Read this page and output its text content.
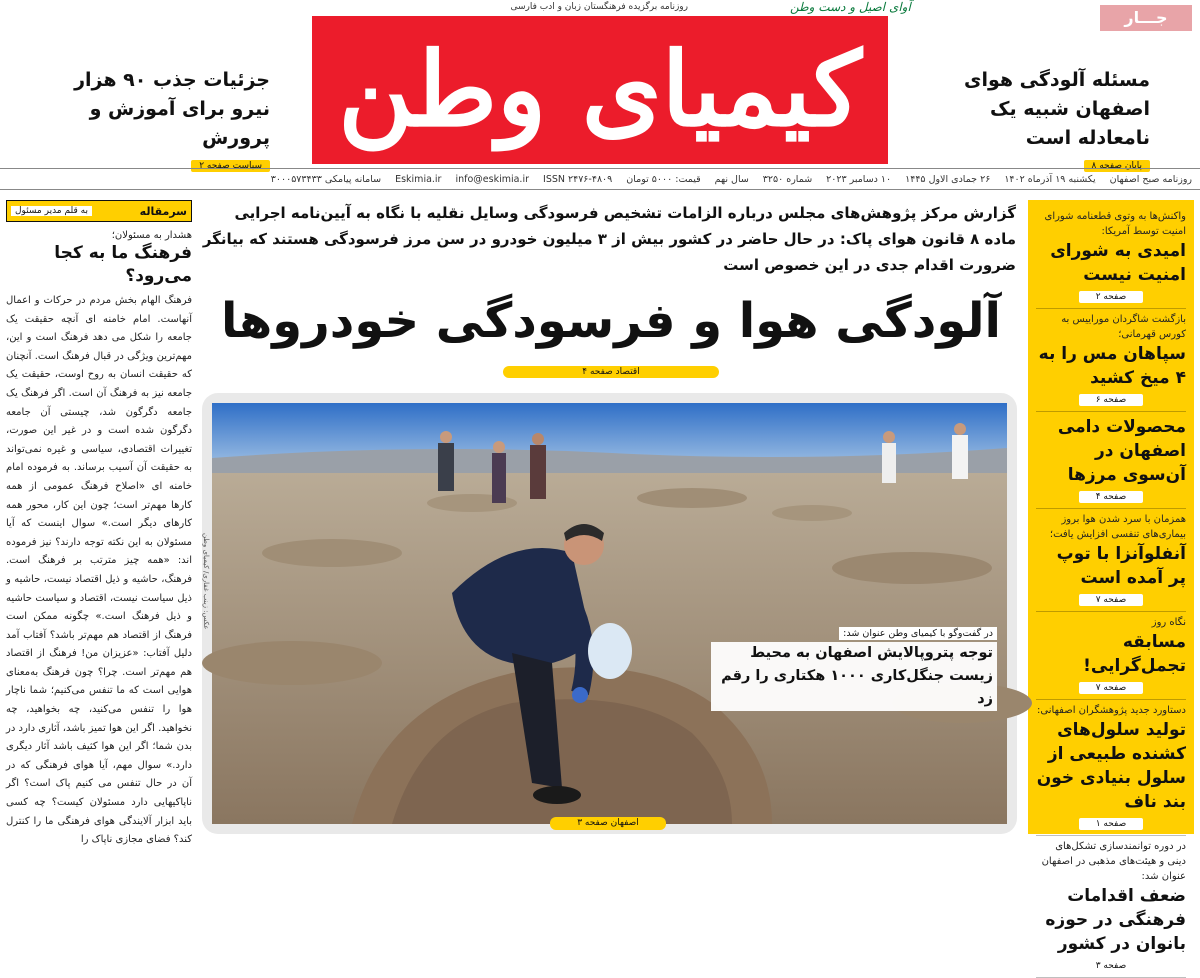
روزنامه برگزیده فرهنگستان زبان و ادب فارسی	آوای اصیل و دست وطن
کیمیای وطن
جـــار
مسئله آلودگی هوای اصفهان شبیه یک نامعادله است
پایان صفحه ۸
جزئیات جذب ۹۰ هزار نیرو برای آموزش و پرورش
سیاست صفحه ۲
روزنامه صبح اصفهان
یکشنبه ۱۹ آذرماه ۱۴۰۲
۲۶ جمادی الاول ۱۴۴۵
۱۰ دسامبر ۲۰۲۳
شماره ۳۲۵۰
سال نهم
قیمت: ۵۰۰۰ تومان
ISSN ۲۴۷۶-۴۸۰۹
info@eskimia.ir
Eskimia.ir
سامانه پیامکی ۳۰۰۰۵۷۳۴۳۳
واکنش‌ها به وتوی قطعنامه شورای امنیت توسط آمریکا:
امیدی به شورای امنیت نیست
صفحه ۲
بازگشت شاگردان موراییس به کورس قهرمانی؛
سپاهان مس را به ۴ میخ کشید
صفحه ۶
محصولات دامی اصفهان در آن‌سوی مرزها
صفحه ۴
همزمان با سرد شدن هوا بروز بیماری‌های تنفسی افزایش یافت؛
آنفلوآنزا با توپ پر آمده است
صفحه ۷
نگاه روز
مسابقه تجمل‌گرایی!
صفحه ۷
دستاورد جدید پژوهشگران اصفهانی:
تولید سلول‌های کشنده طبیعی از سلول بنیادی خون بند ناف
صفحه ۱
در دوره توانمندسازی تشکل‌های دینی و هیئت‌های مذهبی در اصفهان عنوان شد:
ضعف اقدامات فرهنگی در حوزه بانوان در کشور
صفحه ۳
سرمقاله
به قلم مدیر مسئول
هشدار به مسئولان؛
فرهنگ ما به کجا می‌رود؟
فرهنگ الهام بخش مردم در حرکات و اعمال آنهاست. امام خامنه ای آنچه حقیقت یک جامعه را شکل می دهد فرهنگ است و این، مهم‌ترین ویژگی در قبال فرهنگ است. آنچنان که حقیقت انسان به روح اوست، حقیقت یک جامعه نیز به فرهنگ آن است. اگر فرهنگ یک جامعه دگرگون شد، چیستی آن جامعه دگرگون شده است و در غیر این صورت، تغییرات اقتصادی، سیاسی و غیره نمی‌تواند به حقیقت آن آسیب برساند. به فرموده امام خامنه ای «اصلاح فرهنگ عمومی از همه کارها مهم‌تر است؛ چون این کار، محور همه کارهای دیگر است.» سوال اینست که آیا مسئولان به این نکته توجه دارند؟ نیز فرموده اند: «همه چیز مترتب بر فرهنگ است. فرهنگ، حاشیه و ذیل اقتصاد نیست، حاشیه و ذیل سیاست نیست، اقتصاد و سیاست حاشیه و ذیل فرهنگ است.» چگونه ممکن است فرهنگ از اقتصاد هم مهم‌تر باشد؟ آفتاب آمد دلیل آفتاب: «عزیزان من! فرهنگ از اقتصاد هم مهم‌تر است. چرا؟ چون فرهنگ به‌معنای هوایی است که ما تنفس می‌کنیم؛ شما ناچار هوا را تنفس می‌کنید، چه بخواهید، چه نخواهید. اگر این هوا تمیز باشد، آثاری دارد در بدن شما؛ اگر این هوا کثیف باشد آثار دیگری دارد.» سوال مهم، آیا هوای فرهنگی که در آن در حال تنفس می کنیم پاک است؟ اگر ناپاکیهایی دارد مسئولان کیست؟ چه کسی باید ابزار آلایندگی هوای فرهنگی ما را کنترل کند؟ فضای مجازی ناپاک را
گزارش مرکز پژوهش‌های مجلس درباره الزامات تشخیص فرسودگی وسایل نقلیه با نگاه به آیین‌نامه اجرایی ماده ۸ قانون هوای پاک: در حال حاضر در کشور بیش از ۳ میلیون خودرو در سن مرز فرسودگی هستند که بیانگر ضرورت اقدام جدی در این خصوص است
آلودگی هوا و فرسودگی خودروها
اقتصاد صفحه ۴
عکس: زینب غفاری/ کیمیای وطن
در گفت‌وگو با کیمیای وطن عنوان شد: توجه پتروپالایش اصفهان به محیط زیست جنگل‌کاری ۱۰۰۰ هکتاری را رقم زد
اصفهان صفحه ۳
